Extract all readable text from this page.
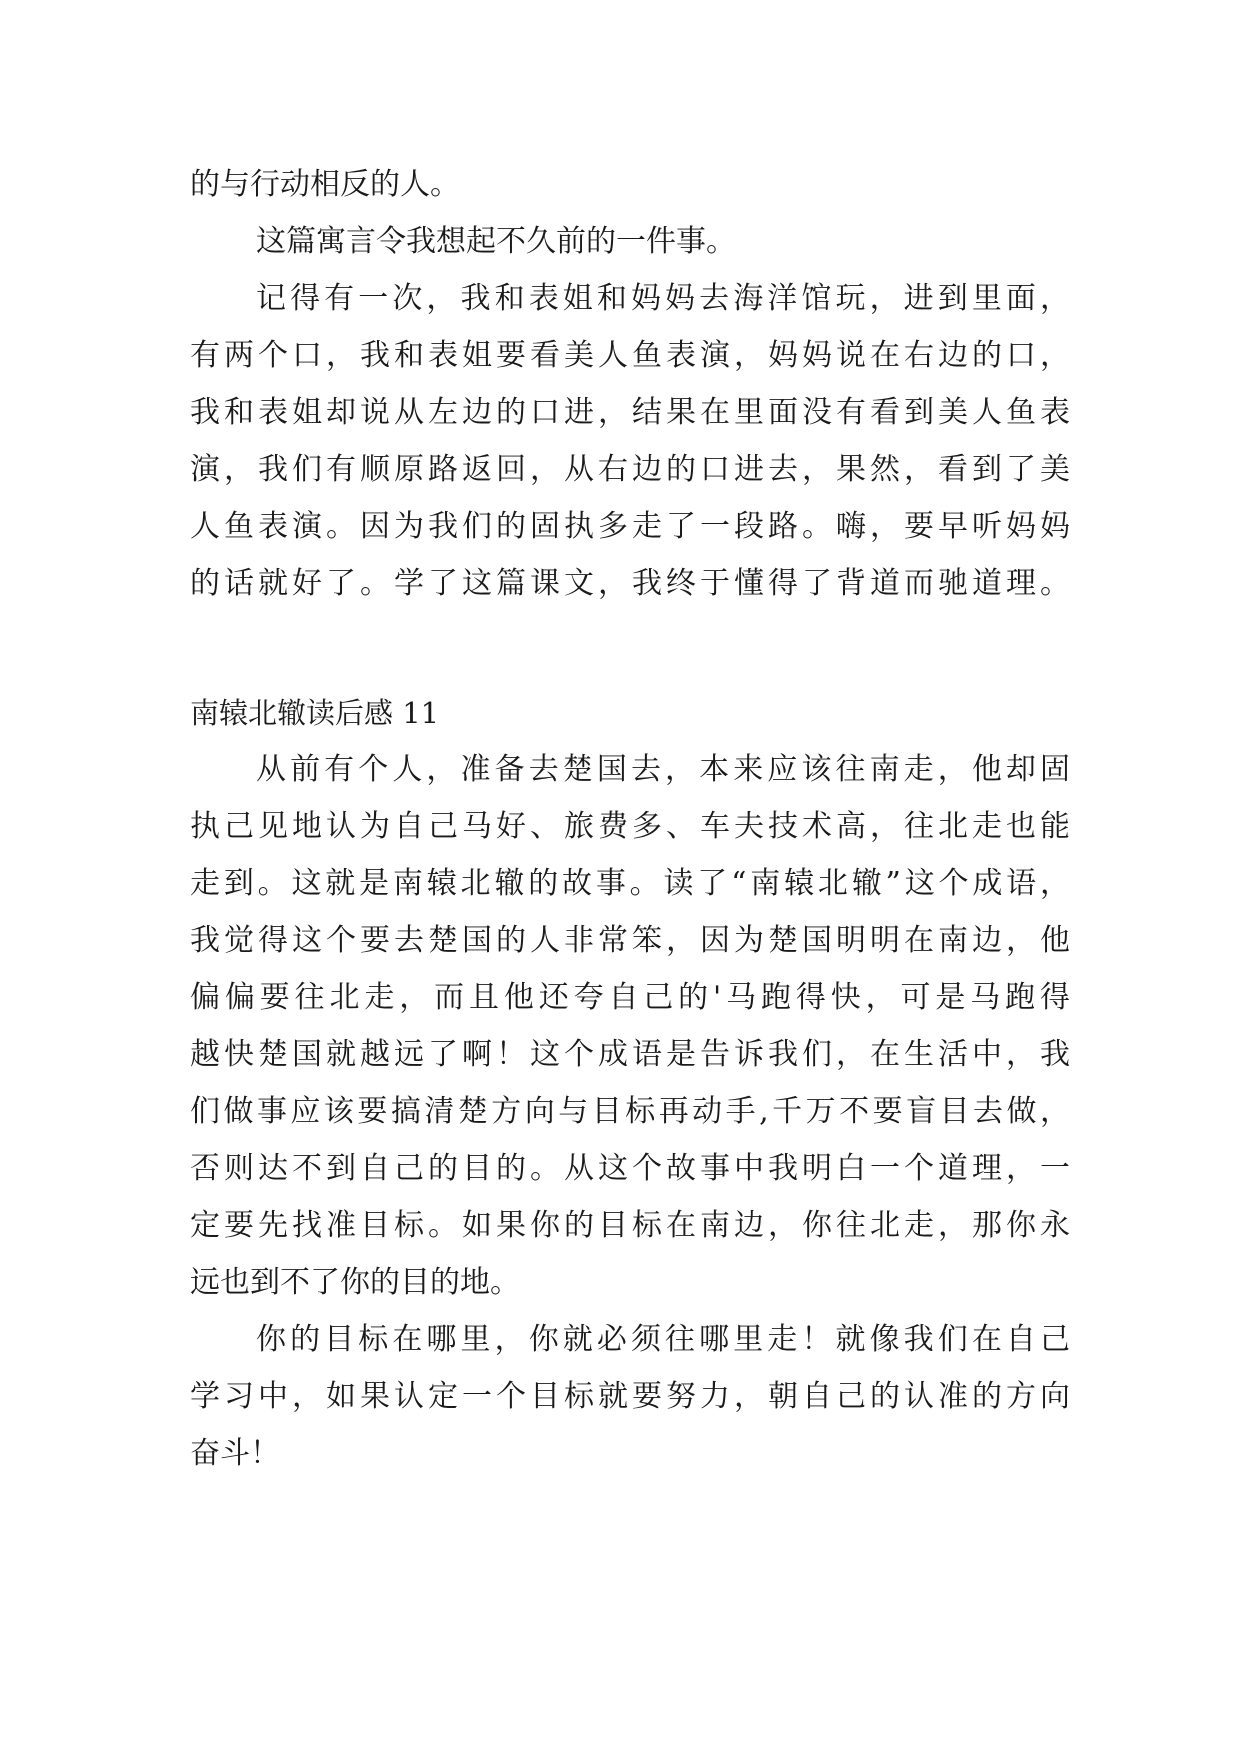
的与行动相反的人。
这篇寓言令我想起不久前的一件事。
记得有一次，我和表姐和妈妈去海洋馆玩，进到里面，
有两个口，我和表姐要看美人鱼表演，妈妈说在右边的口，
我和表姐却说从左边的口进，结果在里面没有看到美人鱼表
演，我们有顺原路返回，从右边的口进去，果然，看到了美
人鱼表演。因为我们的固执多走了一段路。嗨，要早听妈妈
的话就好了。学了这篇课文，我终于懂得了背道而驰道理。
南辕北辙读后感 11
从前有个人，准备去楚国去，本来应该往南走，他却固
执己见地认为自己马好、旅费多、车夫技术高，往北走也能
走到。这就是南辕北辙的故事。读了“南辕北辙”这个成语，
我觉得这个要去楚国的人非常笨，因为楚国明明在南边，他
偏偏要往北走，而且他还夸自己的'马跑得快，可是马跑得
越快楚国就越远了啊！这个成语是告诉我们，在生活中，我
们做事应该要搞清楚方向与目标再动手,千万不要盲目去做，
否则达不到自己的目的。从这个故事中我明白一个道理，一
定要先找准目标。如果你的目标在南边，你往北走，那你永
远也到不了你的目的地。
你的目标在哪里，你就必须往哪里走！就像我们在自己
学习中，如果认定一个目标就要努力，朝自己的认准的方向
奋斗！
